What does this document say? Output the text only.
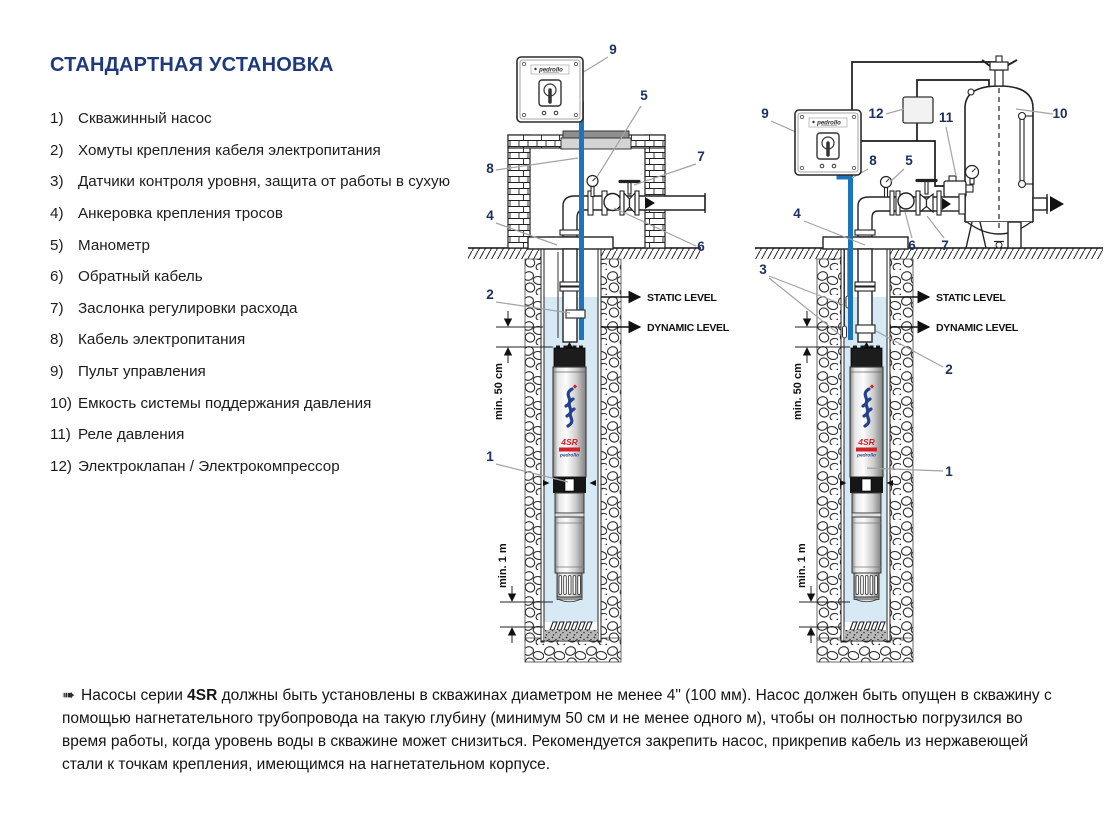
СТАНДАРТНАЯ УСТАНОВКА
1) Скважинный насос
2) Хомуты крепления кабеля электропитания
3) Датчики контроля уровня, защита от работы в сухую
4) Анкеровка крепления тросов
5) Манометр
6) Обратный кабель
7) Заслонка регулировки расхода
8) Кабель электропитания
9) Пульт управления
10) Емкость системы поддержания давления
11) Реле давления
12) Электроклапан / Электрокомпрессор
➠ Насосы серии 4SR должны быть установлены в скважинах диаметром не менее 4" (100 мм). Насос должен быть опущен в скважину с
помощью нагнетательного трубопровода на такую глубину (минимум 50 см и не менее одного м), чтобы он полностью погрузился во
время работы, когда уровень воды в скважине может снизиться. Рекомендуется закрепить насос, прикрепив кабель из нержавеющей
стали к точкам крепления, имеющимся на нагнетательном корпусе.
4SR
pedrollo
STATIC LEVEL
DYNAMIC LEVEL
min. 50 cm
min. 1 m
9
5
7
8
4
6
2
1
pedrollo
4SR
pedrollo
STATIC LEVEL
DYNAMIC LEVEL
min. 50 cm
min. 1 m
9	12	11	10
8 5
4
3
6 7
2
1
pedrollo
